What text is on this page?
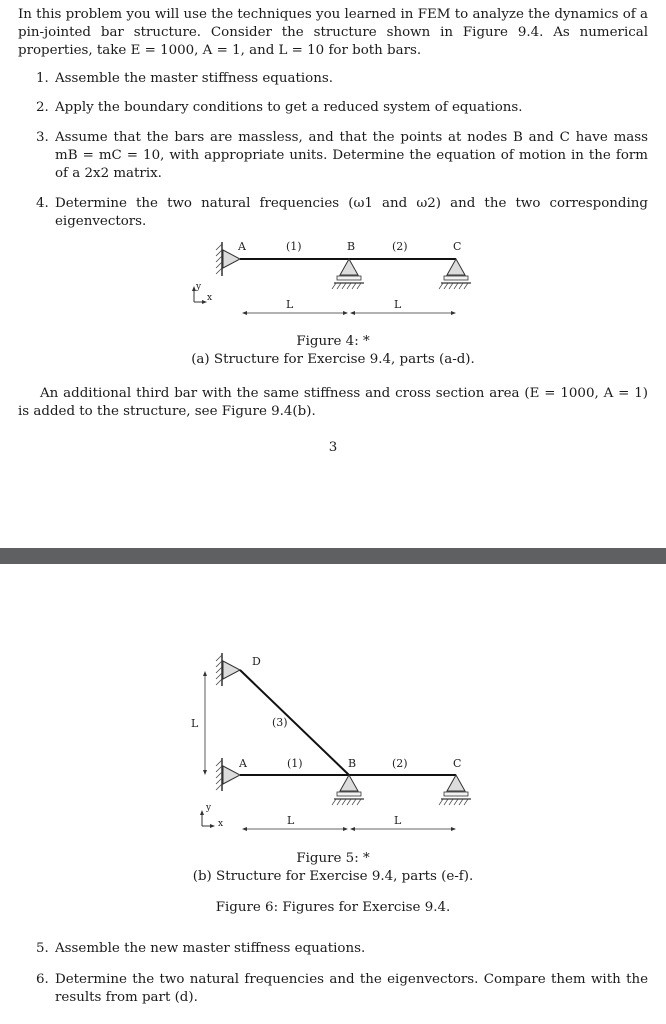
In this problem you will use the techniques you learned in FEM to analyze the dynamics of a pin-jointed bar structure. Consider the structure shown in Figure 9.4. As numerical properties, take E = 1000, A = 1, and L = 10 for both bars.
1. Assemble the master stiffness equations.
2. Apply the boundary conditions to get a reduced system of equations.
3. Assume that the bars are massless, and that the points at nodes B and C have mass mB = mC = 10, with appropriate units. Determine the equation of motion in the form of a 2x2 matrix.
4. Determine the two natural frequencies (ω1 and ω2) and the two corresponding eigenvectors.
A	(1)	B	(2)	C
y
x	L	L
Figure 4: *
(a) Structure for Exercise 9.4, parts (a-d).
An additional third bar with the same stiffness and cross section area (E = 1000, A = 1) is added to the structure, see Figure 9.4(b).
3
L
D
(3)
A	(1)	B	(2)	C
y
x	L	L
Figure 5: *
(b) Structure for Exercise 9.4, parts (e-f).
Figure 6: Figures for Exercise 9.4.
5. Assemble the new master stiffness equations.
6. Determine the two natural frequencies and the eigenvectors. Compare them with the results from part (d).
